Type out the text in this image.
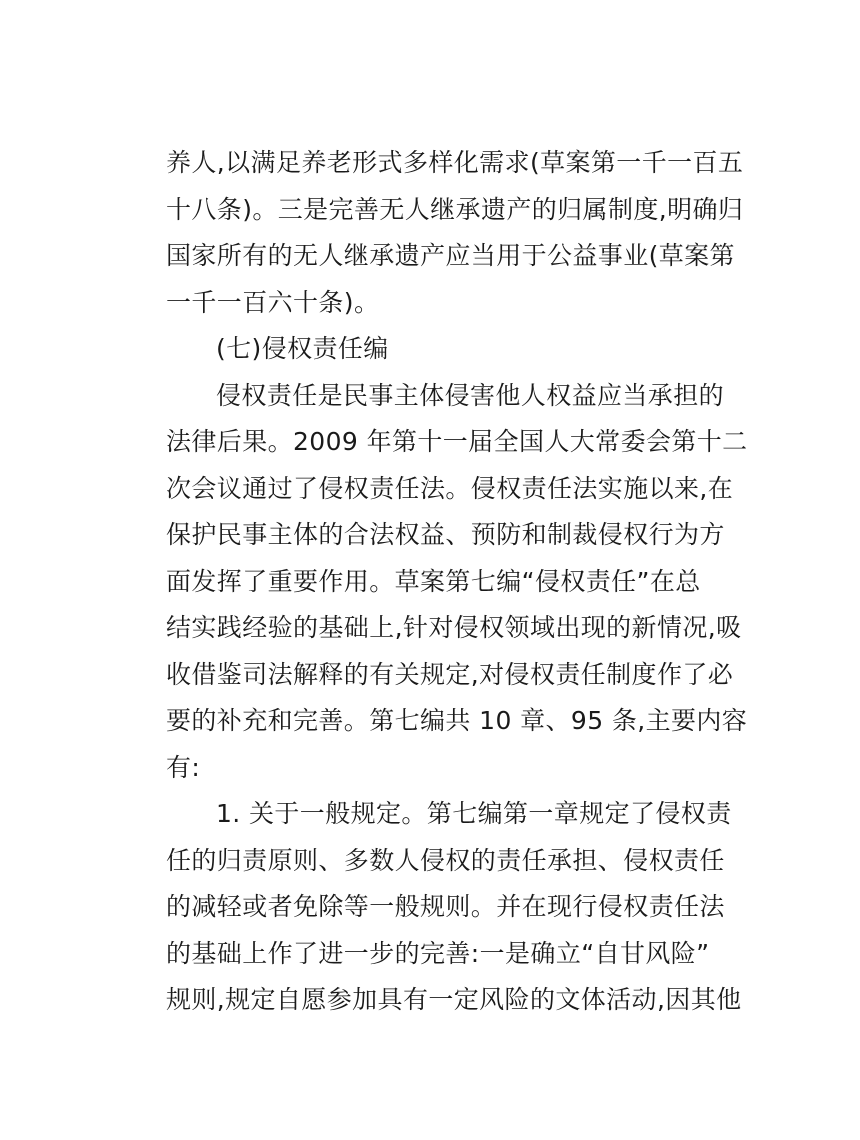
养人,以满足养老形式多样化需求(草案第一千一百五
十八条)。三是完善无人继承遗产的归属制度,明确归
国家所有的无人继承遗产应当用于公益事业(草案第
一千一百六十条)。
(七)侵权责任编
侵权责任是民事主体侵害他人权益应当承担的
法律后果。2009 年第十一届全国人大常委会第十二
次会议通过了侵权责任法。侵权责任法实施以来,在
保护民事主体的合法权益、预防和制裁侵权行为方
面发挥了重要作用。草案第七编“侵权责任”在总
结实践经验的基础上,针对侵权领域出现的新情况,吸
收借鉴司法解释的有关规定,对侵权责任制度作了必
要的补充和完善。第七编共 10 章、95 条,主要内容
有:
1. 关于一般规定。第七编第一章规定了侵权责
任的归责原则、多数人侵权的责任承担、侵权责任
的减轻或者免除等一般规则。并在现行侵权责任法
的基础上作了进一步的完善:一是确立“自甘风险”
规则,规定自愿参加具有一定风险的文体活动,因其他
